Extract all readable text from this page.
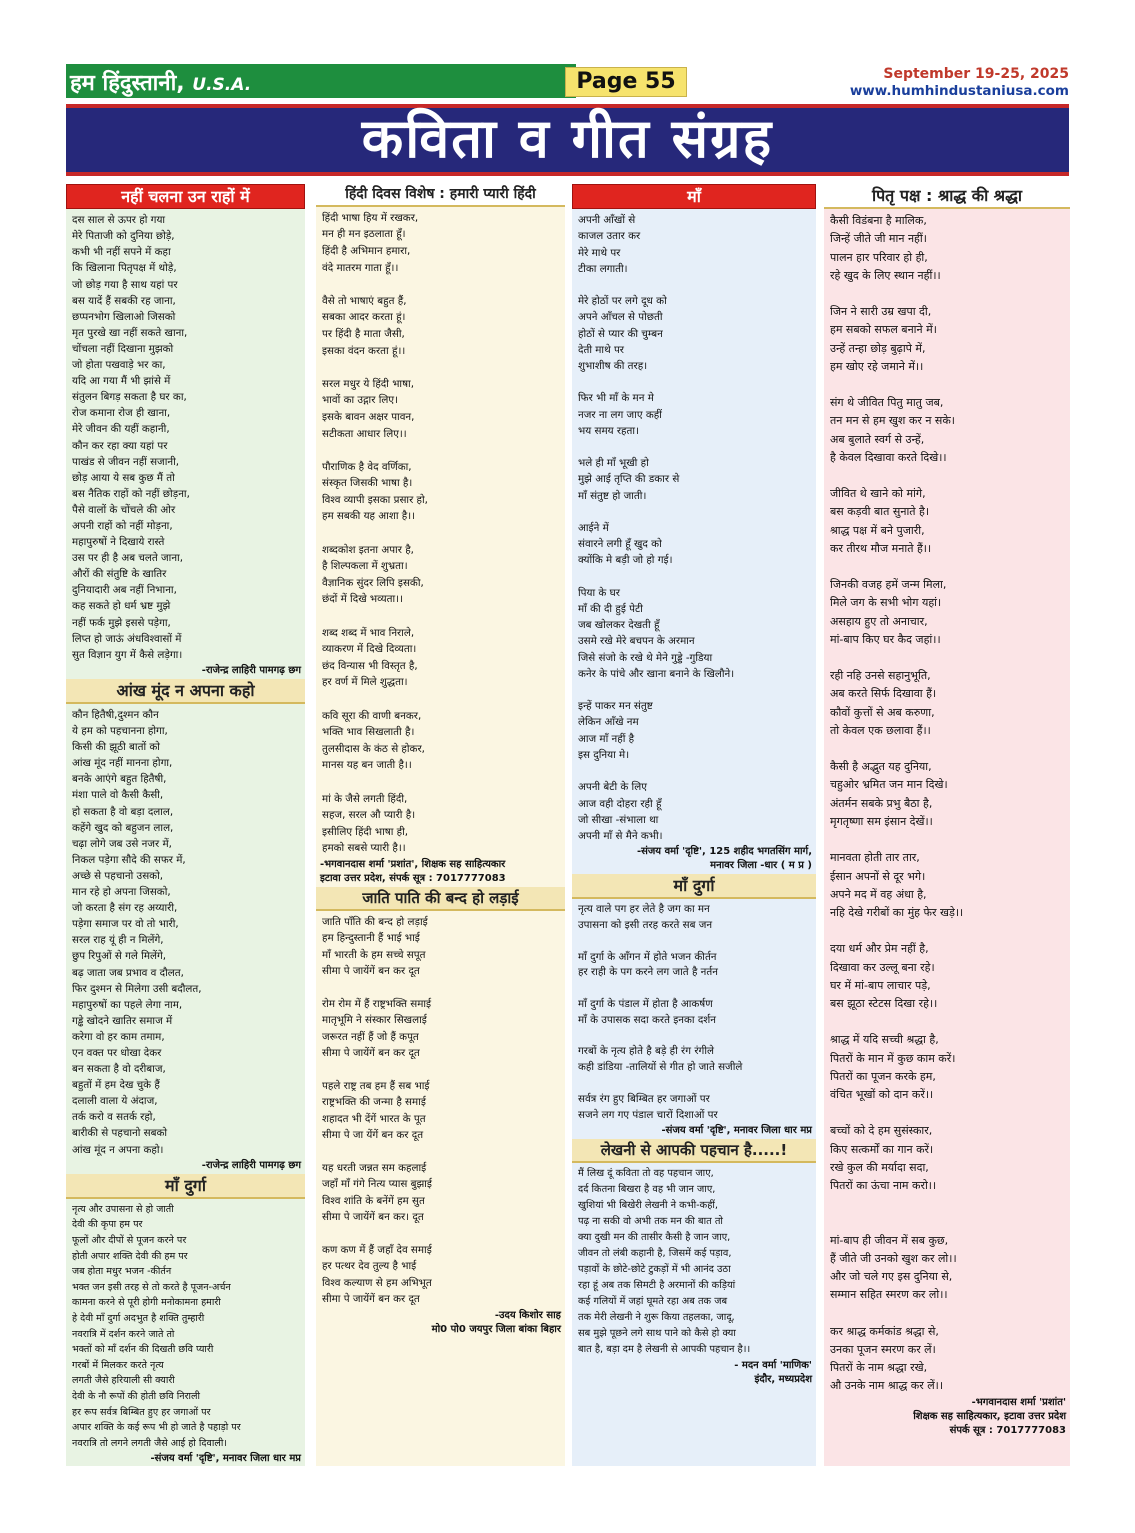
हम हिंदुस्तानी, U.S.A.	Page 55	September 19-25, 2025
www.humhindustaniusa.com
कविता व गीत संग्रह
नहीं चलना उन राहों में
दस साल से ऊपर हो गया
मेरे पिताजी को दुनिया छोड़े,
कभी भी नहीं सपने में कहा
कि खिलाना पितृपक्ष में थोड़े,
जो छोड़ गया है साथ यहां पर
बस यादें हैं सबकी रह जाना,
छप्पनभोग खिलाओ जिसको
मृत पुरखे खा नहीं सकते खाना,
चोंचला नहीं दिखाना मुझको
जो होता पखवाड़े भर का,
यदि आ गया मैं भी झांसे में
संतुलन बिगड़ सकता है घर का,
रोज कमाना रोज ही खाना,
मेरे जीवन की यहीं कहानी,
कौन कर रहा क्या यहां पर
पाखंड से जीवन नहीं सजानी,
छोड़ आया ये सब कुछ मैं तो
बस नैतिक राहों को नहीं छोड़ना,
पैसे वालों के चोंचले की ओर
अपनी राहों को नहीं मोड़ना,
महापुरुषों ने दिखाये रास्ते
उस पर ही है अब चलते जाना,
औरों की संतुष्टि के खातिर
दुनियादारी अब नहीं निभाना,
कह सकते हो धर्म भ्रष्ट मुझे
नहीं फर्क मुझे इससे पड़ेगा,
लिप्त हो जाऊं अंधविश्वासों में
सुत विज्ञान युग में कैसे लड़ेगा।
-राजेन्द्र लाहिरी पामगढ़ छग
आंख मूंद न अपना कहो
कौन हितैषी,दुश्मन कौन
ये हम को पहचानना होगा,
किसी की झूठी बातों को
आंख मूंद नहीं मानना होगा,
बनके आएंगे बहुत हितैषी,
मंशा पाले वो कैसी कैसी,
हो सकता है वो बड़ा दलाल,
कहेंगे खुद को बहुजन लाल,
चढ़ा लोगे जब उसे नजर में,
निकल पड़ेगा सौदे की सफर में,
अच्छे से पहचानो उसको,
मान रहे हो अपना जिसको,
जो करता है संग रह अय्यारी,
पड़ेगा समाज पर वो तो भारी,
सरल राह यूं ही न मिलेंगे,
छुप रिपुओं से गले मिलेंगे,
बढ़ जाता जब प्रभाव व दौलत,
फिर दुश्मन से मिलेगा उसी बदौलत,
महापुरुषों का पहले लेगा नाम,
गड्ढे खोदने खातिर समाज में
करेगा वो हर काम तमाम,
एन वक्त पर धोखा देकर
बन सकता है वो दरीबाज,
बहुतों में हम देख चुके हैं
दलाली वाला ये अंदाज,
तर्क करो व सतर्क रहो,
बारीकी से पहचानो सबको
आंख मूंद न अपना कहो।
-राजेन्द्र लाहिरी पामगढ़ छग
माँ दुर्गा
नृत्य और उपासना से हो जाती
देवी की कृपा हम पर
फूलों और दीपों से पूजन करने पर
होती अपार शक्ति देवी की हम पर
जब होता मधुर भजन -कीर्तन
भक्त जन इसी तरह से तो करते है पूजन-अर्चन
कामना करने से पूरी होगी मनोकामना हमारी
हे देवी माँ दुर्गा अदभुत है शक्ति तुम्हारी
नवरात्रि में दर्शन करने जाते तो
भक्तों को माँ दर्शन की दिखती छवि प्यारी
गरबों में मिलकर करते नृत्य
लगती जैसे हरियाली सी क्यारी
देवी के नौ रूपों की होती छवि निराली
हर रूप सर्वत्र बिम्बित हुए हर जगाओं पर
अपार शक्ति के कई रूप भी हो जाते है पहाड़ो पर
नवरात्रि तो लगने लगती जैसे आई हो दिवाली।
-संजय वर्मा 'दृष्टि', मनावर जिला धार मप्र
हिंदी दिवस विशेष : हमारी प्यारी हिंदी
हिंदी भाषा हिय में रखकर,
मन ही मन इठलाता हूँ।
हिंदी है अभिमान हमारा,
वंदे मातरम गाता हूँ।।

वैसे तो भाषाएं बहुत हैं,
सबका आदर करता हूं।
पर हिंदी है माता जैसी,
इसका वंदन करता हूं।।

सरल मधुर ये हिंदी भाषा,
भावों का उद्गार लिए।
इसके बावन अक्षर पावन,
सटीकता आधार लिए।।

पौराणिक है वेद वर्णिका,
संस्कृत जिसकी भाषा है।
विश्व व्यापी इसका प्रसार हो,
हम सबकी यह आशा है।।

शब्दकोश इतना अपार है,
है शिल्पकला में शुभ्रता।
वैज्ञानिक सुंदर लिपि इसकी,
छंदों में दिखे भव्यता।।

शब्द शब्द में भाव निराले,
व्याकरण में दिखे दिव्यता।
छंद विन्यास भी विस्तृत है,
हर वर्ण में मिले शुद्धता।

कवि सूरा की वाणी बनकर,
भक्ति भाव सिखलाती है।
तुलसीदास के कंठ से होकर,
मानस यह बन जाती है।।

मां के जैसे लगती हिंदी,
सहज, सरल औ प्यारी है।
इसीलिए हिंदी भाषा ही,
हमको सबसे प्यारी है।।
-भगवानदास शर्मा 'प्रशांत', शिक्षक सह साहित्यकार
इटावा उत्तर प्रदेश, संपर्क सूत्र : 7017777083
जाति पाति की बन्द हो लड़ाई
जाति पाँति की बन्द हो लड़ाई
हम हिन्दुस्तानी हैं भाई भाई
माँ भारती के हम सच्चे सपूत
सीमा पे जायेंगें बन कर दूत

रोम रोम में हैं राष्ट्रभक्ति समाई
मातृभूमि ने संस्कार सिखलाई
जरूरत नहीं हैं जो हैं कपूत
सीमा पे जायेंगें बन कर दूत

पहले राष्ट्र तब हम हैं सब भाई
राष्ट्रभक्ति की जन्मा है समाई
शहादत भी देंगें भारत के पूत
सीमा पे जा येंगें बन कर दूत

यह धरती जन्नत सम कहलाई
जहाँ माँ गंगे नित्य प्यास बुझाई
विश्व शांति के बनेंगें हम सुत
सीमा पे जायेंगें बन कर। दूत

कण कण में हैं जहाँ देव समाई
हर पत्थर देव तुल्य है भाई
विश्व कल्याण से हम अभिभूत
सीमा पे जायेंगें बन कर दूत
-उदय किशोर साह
मो0 पो0 जयपुर जिला बांका बिहार
माँ
अपनी आँखों से
काजल उतार कर
मेरे माथे पर
टीका लगाती।

मेरे होठों पर लगे दूध को
अपने आँचल से पोछती
होठों से प्यार की चुम्बन
देती माथे पर
शुभाशीष की तरह।

फिर भी माँ के मन मे
नजर ना लग जाए कहीं
भय समय रहता।

भले ही माँ भूखी हो
मुझे आई तृप्ति की डकार से
माँ संतुष्ट हो जाती।

आईने में
संवारने लगी हूँ खुद को
क्योंकि मे बड़ी जो हो गई।

पिया के घर
माँ की दी हुई पेटी
जब खोलकर देखती हूँ
उसमे रखे मेरे बचपन के अरमान
जिसे संजो के रखे थे मेने गुड्डे -गुडिया
कनेर के पांचे और खाना बनाने के खिलौने।

इन्हें पाकर मन संतुष्ट
लेकिन आँखे नम
आज माँ नहीं है
इस दुनिया मे।

अपनी बेटी के लिए
आज वही दोहरा रही हूँ
जो सीखा -संभाला था
अपनी माँ से मैने कभी।
-संजय वर्मा 'दृष्टि', 125 शहीद भगतसिंग मार्ग,
मनावर जिला -धार ( म प्र )
माँ दुर्गा
नृत्य वाले पग हर लेते है जग का मन
उपासना को इसी तरह करते सब जन

माँ दुर्गा के आँगन में होते भजन कीर्तन
हर राही के पग करने लग जाते है नर्तन

माँ दुर्गा के पंडाल में होता है आकर्षण
माँ के उपासक सदा करते इनका दर्शन

गरबों के नृत्य होते है बड़े ही रंग रंगीले
कही डांडिया -तालियों से गीत हो जाते सजीले

सर्वत्र रंग हुए बिम्बित हर जगाओं पर
सजने लग गए पंडाल चारों दिशाओं पर
-संजय वर्मा 'दृष्टि', मनावर जिला धार मप्र
लेखनी से आपकी पहचान है.....!
मैं लिख दूं कविता तो वह पहचान जाए,
दर्द कितना बिखरा है वह भी जान जाए,
खुशियां भी बिखेरी लेखनी ने कभी-कहीं,
पढ़ ना सकी वो अभी तक मन की बात तो
क्या दुखी मन की तासीर कैसी है जान जाए,
जीवन तो लंबी कहानी है, जिसमें कई पड़ाव,
पड़ावों के छोटे-छोटे टुकड़ों में भी आनंद उठा
रहा हूं अब तक सिमटी है अरमानों की कड़ियां
कई गलियों में जहां घूमते रहा अब तक जब
तक मेरी लेखनी ने शुरू किया तहलका, जादू,
सब मुझे पूछने लगे साथ पाने को कैसे हो क्या
बात है, बड़ा दम है लेखनी से आपकी पहचान है।।
- मदन वर्मा 'माणिक'
इंदौर, मध्यप्रदेश
पितृ पक्ष : श्राद्ध की श्रद्धा
कैसी विडंबना है मालिक,
जिन्हें जीते जी मान नहीं।
पालन हार परिवार हो ही,
रहे खुद के लिए स्थान नहीं।।

जिन ने सारी उम्र खपा दी,
हम सबको सफल बनाने में।
उन्हें तन्हा छोड़ बुढ़ापे में,
हम खोए रहे जमाने में।।

संग थे जीवित पितु मातु जब,
तन मन से हम खुश कर न सके।
अब बुलाते स्वर्ग से उन्हें,
है केवल दिखावा करते दिखे।।

जीवित थे खाने को मांगे,
बस कड़वी बात सुनाते है।
श्राद्ध पक्ष में बने पुजारी,
कर तीरथ मौज मनाते हैं।।

जिनकी वजह हमें जन्म मिला,
मिले जग के सभी भोग यहां।
असहाय हुए तो अनाचार,
मां-बाप किए घर कैद जहां।।

रही नहि उनसे सहानुभूति,
अब करते सिर्फ दिखावा हैं।
कौवों कुत्तों से अब करुणा,
तो केवल एक छलावा हैं।।

कैसी है अद्भुत यह दुनिया,
चहुओर भ्रमित जन मान दिखे।
अंतर्मन सबके प्रभु बैठा है,
मृगतृष्णा सम इंसान देखें।।

मानवता होती तार तार,
ईसान अपनों से दूर भगे।
अपने मद में वह अंधा है,
नहि देखे गरीबों का मुंह फेर खड़े।।

दया धर्म और प्रेम नहीं है,
दिखावा कर उल्लू बना रहे।
घर में मां-बाप लाचार पड़े,
बस झूठा स्टेटस दिखा रहे।।

श्राद्ध में यदि सच्ची श्रद्धा है,
पितरों के मान में कुछ काम करें।
पितरों का पूजन करके हम,
वंचित भूखों को दान करें।।

बच्चों को दे हम सुसंस्कार,
किए सत्कर्मों का गान करें।
रखे कुल की मर्यादा सदा,
पितरों का ऊंचा नाम करो।।

मां-बाप ही जीवन में सब कुछ,
हैं जीते जी उनको खुश कर लो।।
और जो चले गए इस दुनिया से,
सम्मान सहित स्मरण कर लो।।

कर श्राद्ध कर्मकांड श्रद्धा से,
उनका पूजन स्मरण कर लें।
पितरों के नाम श्रद्धा रखे,
औ उनके नाम श्राद्ध कर लें।।
-भगवानदास शर्मा 'प्रशांत'
शिक्षक सह साहित्यकार, इटावा उत्तर प्रदेश
संपर्क सूत्र : 7017777083
